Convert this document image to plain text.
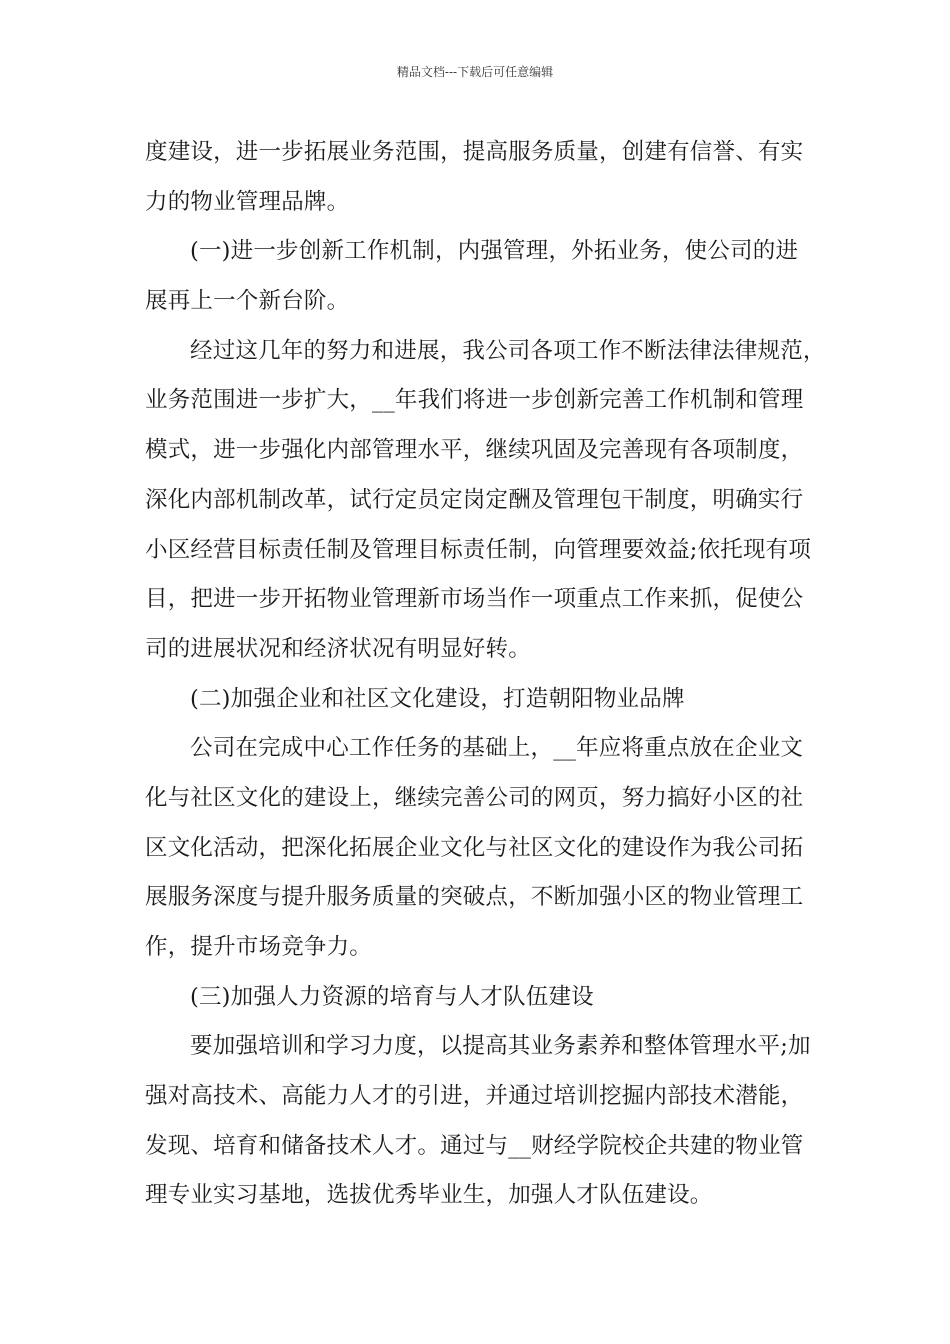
精品文档---下载后可任意编辑
度建设，进一步拓展业务范围，提高服务质量，创建有信誉、有实
力的物业管理品牌。
(一)进一步创新工作机制，内强管理，外拓业务，使公司的进
展再上一个新台阶。
经过这几年的努力和进展，我公司各项工作不断法律法律规范，
业务范围进一步扩大，__年我们将进一步创新完善工作机制和管理
模式，进一步强化内部管理水平，继续巩固及完善现有各项制度，
深化内部机制改革，试行定员定岗定酬及管理包干制度，明确实行
小区经营目标责任制及管理目标责任制，向管理要效益;依托现有项
目，把进一步开拓物业管理新市场当作一项重点工作来抓，促使公
司的进展状况和经济状况有明显好转。
(二)加强企业和社区文化建设，打造朝阳物业品牌
公司在完成中心工作任务的基础上，__年应将重点放在企业文
化与社区文化的建设上，继续完善公司的网页，努力搞好小区的社
区文化活动，把深化拓展企业文化与社区文化的建设作为我公司拓
展服务深度与提升服务质量的突破点，不断加强小区的物业管理工
作，提升市场竞争力。
(三)加强人力资源的培育与人才队伍建设
要加强培训和学习力度，以提高其业务素养和整体管理水平;加
强对高技术、高能力人才的引进，并通过培训挖掘内部技术潜能，
发现、培育和储备技术人才。通过与__财经学院校企共建的物业管
理专业实习基地，选拔优秀毕业生，加强人才队伍建设。
